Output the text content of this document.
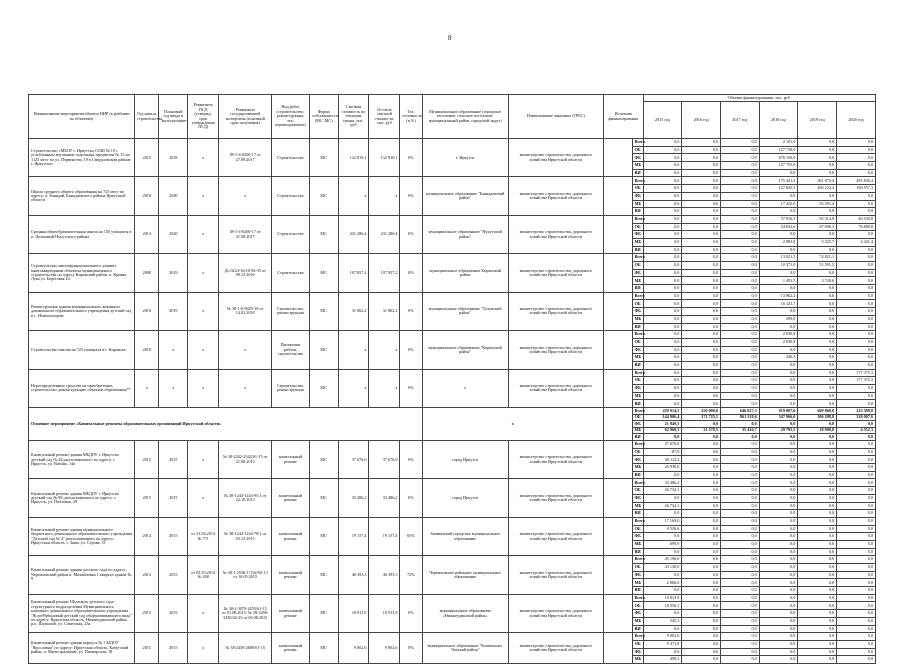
8
Наименование мероприятия объекта НИР (в разбивке по объектам)	Год начала строительства	Плановый год ввода в эксплуатацию	Реквизиты ПСД (утвержд. срок утверждения ПСД)	Реквизиты государственной экспертизы (основной срок получения)	Вид работ (строительство, реконструкция, тех. перевооружение)	Форма собственности (МС, МС)	Сметная стоимость по текущим ценам, тыс. руб	Остаток сметной стоимости, тыс. руб	Тех. готовность (в %)	Муниципальное образование (городское поселение, сельское поселение, муниципальный район, городской округ)	Наименование заказчика (ГРБС)	Источник финансирования		Объемы финансирования, тыс. руб.					
														2015 год	2016 год	2017 год	2018 год	2019 год	2020 год
Строительство «МБОУ г. Иркутска СОШ № 19 с углубленным изучением отдельных предметов № 15 на 1125 мест по ул. Первенства, 19 в Свердловском районе г. Иркутска»	2015	2018	х	38-1-4-0200-17 от 27.09.2017	Строительство	МС	132 810,1	132 810,1	0%	г. Иркутск	министерство строительства, дорожного хозяйства Иркутской области		Всего	0,0	0,0	0,0	2 101,0	0,0	0,0
													ОБ	0,0	0,0	0,0	127 739,0	0,0	0,0
													ФБ	0,0	0,0	0,0	676 150,0	0,0	0,0
													МБ	0,0	0,0	0,0	127 755,0	0,0	0,0
													ВИ	0,0	0,0	0,0	0,0	0,0	0,0
Школа среднего общего образования на 725 мест по адресу: п. Баяндай, Баяндаевского района Иркутской области	2018	2020	х	х	Строительство	МС	х	х	0%	муниципальное образование "Баяндаевский район"	министерство строительства, дорожного хозяйства Иркутской области		Всего	0,0	0,0	0,0	175 441,5	361 875,4	495 836,4
													ОБ	0,0	0,0	0,0	127 825,5	266 232,4	196 557,3
													ФБ	0,0	0,0	0,0	0,0	0,0	0,0
													МБ	0,0	0,0	0,0	17 225,0	93 591,4	0,0
													ВИ	0,0	0,0	0,0	0,0	0,0	0,0
Средняя общеобразовательная школа на 150 учащихся в п. Целинный Нукутского района	2014	2020	х	38-1-4-0260-17 от 31.08.2017	Строительство	МС	231 286,4	231 286,4	0%	муниципальное образование "Нукутский район"	министерство строительства, дорожного хозяйства Иркутской области		Всего	0,0	0,0	0,0	57 816,5	92 314,0	40 530,8
													ОБ	0,0	0,0	0,0	54 832,6	67 006,3	76 689,8
													ФБ	0,0	0,0	0,0	0,0	0,0	0,0
													МБ	0,0	0,0	0,0	2 883,8	5 325,7	4 441,4
													ВИ	0,0	0,0	0,0	0,0	0,0	0,0
Строительство многофункционального здания с многоквартирным объектом муниципального строительства по адресу Киренский район, п. Кривая Лука ул. Береговая 24	2008	2019	х	До 0224-16/16-94-35 от 09.12.2016	Строительство	МС	107 857,2	107 857,2	0%	муниципальное образование Киренский район	министерство строительства, дорожного хозяйства Иркутской области		Всего	0,0	0,0	0,0	13 021,5	74 821,1	0,0
													ОБ	0,0	0,0	0,0	10 371,0	51 591,5	0,0
													ФБ	0,0	0,0	0,0	0,0	0,0	0,0
													МБ	0,0	0,0	0,0	1 491,5	3 749,6	0,0
													ВИ	0,0	0,0	0,0	0,0	0,0	0,0
Реконструкция здания муниципального казенного дошкольного образовательного учреждения детский сад в с. Новоолонцево	2018	2019	х	№ 38-1-6-0025-18 от 14.02.2018	Строительство, реконструкция	МС	31 862,2	31 862,2	0%	муниципальное образование "Тулунский район"	министерство строительства, дорожного хозяйства Иркутской области		Всего	0,0	0,0	0,0	13 862,2	0,0	0,0
													ОБ	0,0	0,0	0,0	16 121,7	0,0	0,0
													ФБ	0,0	0,0	0,0	0,0	0,0	0,0
													МБ	0,0	0,0	0,0	299,0	0,0	0,0
													ВИ	0,0	0,0	0,0	0,0	0,0	0,0
Строительство школы на 725 учащихся в г. Киренске	2018	х	х	х	Проектные работы, строительство	МС	х	х	0%	муниципальное образование "Киренский район"	министерство строительства, дорожного хозяйства Иркутской области		Всего	0,0	0,0	0,0	2 930,8	0,0	0,0
													ОБ	0,0	0,0	0,0	2 930,8	0,0	0,0
													ФБ	0,0	0,0	0,0	0,0	0,0	0,0
													МБ	0,0	0,0	0,0	240,5	0,0	0,0
													ВИ	0,0	0,0	0,0	0,0	0,0	0,0
Нераспределенные средства на приобретение, строительство, реконструкцию объектов образования**	х	х	х	х	Строительство, реконструкция	МС	х	х	0%	х	министерство строительства, дорожного хозяйства Иркутской области		Всего	0,0	0,0	0,0	0,0	0,0	177 375,3
													ОБ	0,0	0,0	0,0	0,0	0,0	177 375,3
													ФБ	0,0	0,0	0,0	0,0	0,0	0,0
													МБ	0,0	0,0	0,0	0,0	0,0	0,0
													ВИ	0,0	0,0	0,0	0,0	0,0	0,0
Основное мероприятие «Капитальные ремонты образовательных организаций Иркутской области»										х			Всего	220 014,5	250 000,0	646 027,3	919 007,6	669 868,8	225 389,8
													ОБ	144 906,4	271 725,1	861 218,6	547 966,0	306 288,8	320 007,6
													ФБ	21 949,5	0,0	0,0	0,0	0,0	0,0
													МБ	62 960,5	21 278,5	35 416,7	29 795,5	18 900,0	4 552,3
													ВИ	0,0	0,0	0,0	0,0	0,0	0,0
Капитальный ремонт здания МБДОУ г. Иркутска детский сад № 44 расположенного по адресу: г. Иркутск, ул. Ватина, 14а	2015	2015	х	№ 38-2342-2542/61-15 от 21.08.2015	капитальный ремонт	МС	37 676,0	37 676,0	0%	город Иркутск	министерство строительства, дорожного хозяйства Иркутской области		Всего	37 676,0	0,0	0,0	0,0	0,0	0,0
													ОБ	-87,9	0,0	0,0	0,0	0,0	0,0
													ФБ	26 112,2	0,0	0,0	0,0	0,0	0,0
													МБ	26 938,0	0,0	0,0	0,0	0,0	0,0
													ВИ	0,0	0,0	0,0	0,0	0,0	0,0
Капитальный ремонт здания МБДОУ г. Иркутска детский сад № 89, расположенного по адресу: г. Иркутск, ул. Почтовая, 29	2015	2015	х	№ 38-1244-1244-95/1 от 22.10.2015	капитальный ремонт	МС	33 486,2	33 486,2	0%	город Иркутск	министерство строительства, дорожного хозяйства Иркутской области		Всего	33 486,2	0,0	0,0	0,0	0,0	0,0
													ОБ	26 734,1	0,0	0,0	0,0	0,0	0,0
													ФБ	0,0	0,0	0,0	0,0	0,0	0,0
													МБ	26 734,1	0,0	0,0	0,0	0,0	0,0
													ВИ	0,0	0,0	0,0	0,0	0,0	0,0
Капитальный ремонт здания муниципального бюджетного дошкольного образовательного учреждения "Детский сад № 4" расположенного по адресу: Иркутская область, г. Заим, ул. Седова, 51	2014	2015	от 21.04.2014 № 771	№ 38-1244-1244-78/1 от 03.12.2015	капитальный ремонт	МС	19 157,4	19 157,4	65%	Заиминский городское муниципальное образование	министерство строительства, дорожного хозяйства Иркутской области		Всего	17 169,0	0,0	0,0	0,0	0,0	0,0
													ОБ	9 526,6	0,0	0,0	0,0	0,0	0,0
													ФБ	0,0	0,0	0,0	0,0	0,0	0,0
													МБ	699,9	0,0	0,0	0,0	0,0	0,0
													ВИ	0,0	0,0	0,0	0,0	0,0	0,0
Капитальный ремонт здания детского сада по адресу: Черемховский район п. Михайловка 1 квартал здание № 9	2014	2015	от 03.10.2014 № 268	№ 38-1-2536-1723e/92-13 от 16.05.2015	капитальный ремонт	МС	46 393,3	46 393,3	72%	Черемховское районное муниципальное образование	министерство строительства, дорожного хозяйства Иркутской области		Всего	45 196,0	0,0	0,0	0,0	0,0	0,0
													ОБ	43 130,0	0,0	0,0	0,0	0,0	0,0
													ФБ	0,0	0,0	0,0	0,0	0,0	0,0
													МБ	2 066,0	0,0	0,0	0,0	0,0	0,0
													ВИ	0,0	0,0	0,0	0,0	0,0	0,0
Капитальный ремонт Шумского детского сада - структурного подразделения Муниципального казенного дошкольного образовательного учреждения "Ясли-Рябиновый детский сад общеразвивающего вида" по адресу: Иркутская область, Нижнеудинский район, р.п. Шумский, ул. Советская, 23а	2015	2015	х	№ 38-2-3070-2455/61-15 от 01.08.2015, № 38-3450-3450/42-25 от 06.08.2015	капитальный ремонт	МС	10 913,9	10 913,9	0%	муниципальное образование «Нижнеудинский район»	министерство строительства, дорожного хозяйства Иркутской области		Всего	10 913,9	0,0	0,0	0,0	0,0	0,0
													ОБ	10 356,1	0,0	0,0	0,0	0,0	0,0
													ФБ	0,0	0,0	0,0	0,0	0,0	0,0
													МБ	545,3	0,0	0,0	0,0	0,0	0,0
													ВИ	0,0	0,0	0,0	0,0	0,0	0,0
Капитальный ремонт здания корпуса № 1 МДОУ "Ярославна" по адресу: Иркутская область, Качугский район, п. Магистральный, ул. Пионерская, 18	2015	2015	х	№ 38-2458-2680/61-15	капитальный ремонт	МС	9 802,6	9 802,6	0%	муниципальное образование "Казачинско-Ленский район"	министерство строительства, дорожного хозяйства Иркутской области		Всего	9 802,6	0,0	0,0	0,0	0,0	0,0
													ОБ	9 471,8	0,0	0,0	0,0	0,0	0,0
													ФБ	0,0	0,0	0,0	0,0	0,0	0,0
													МБ	490,2	0,0	0,0	0,0	0,0	0,0
